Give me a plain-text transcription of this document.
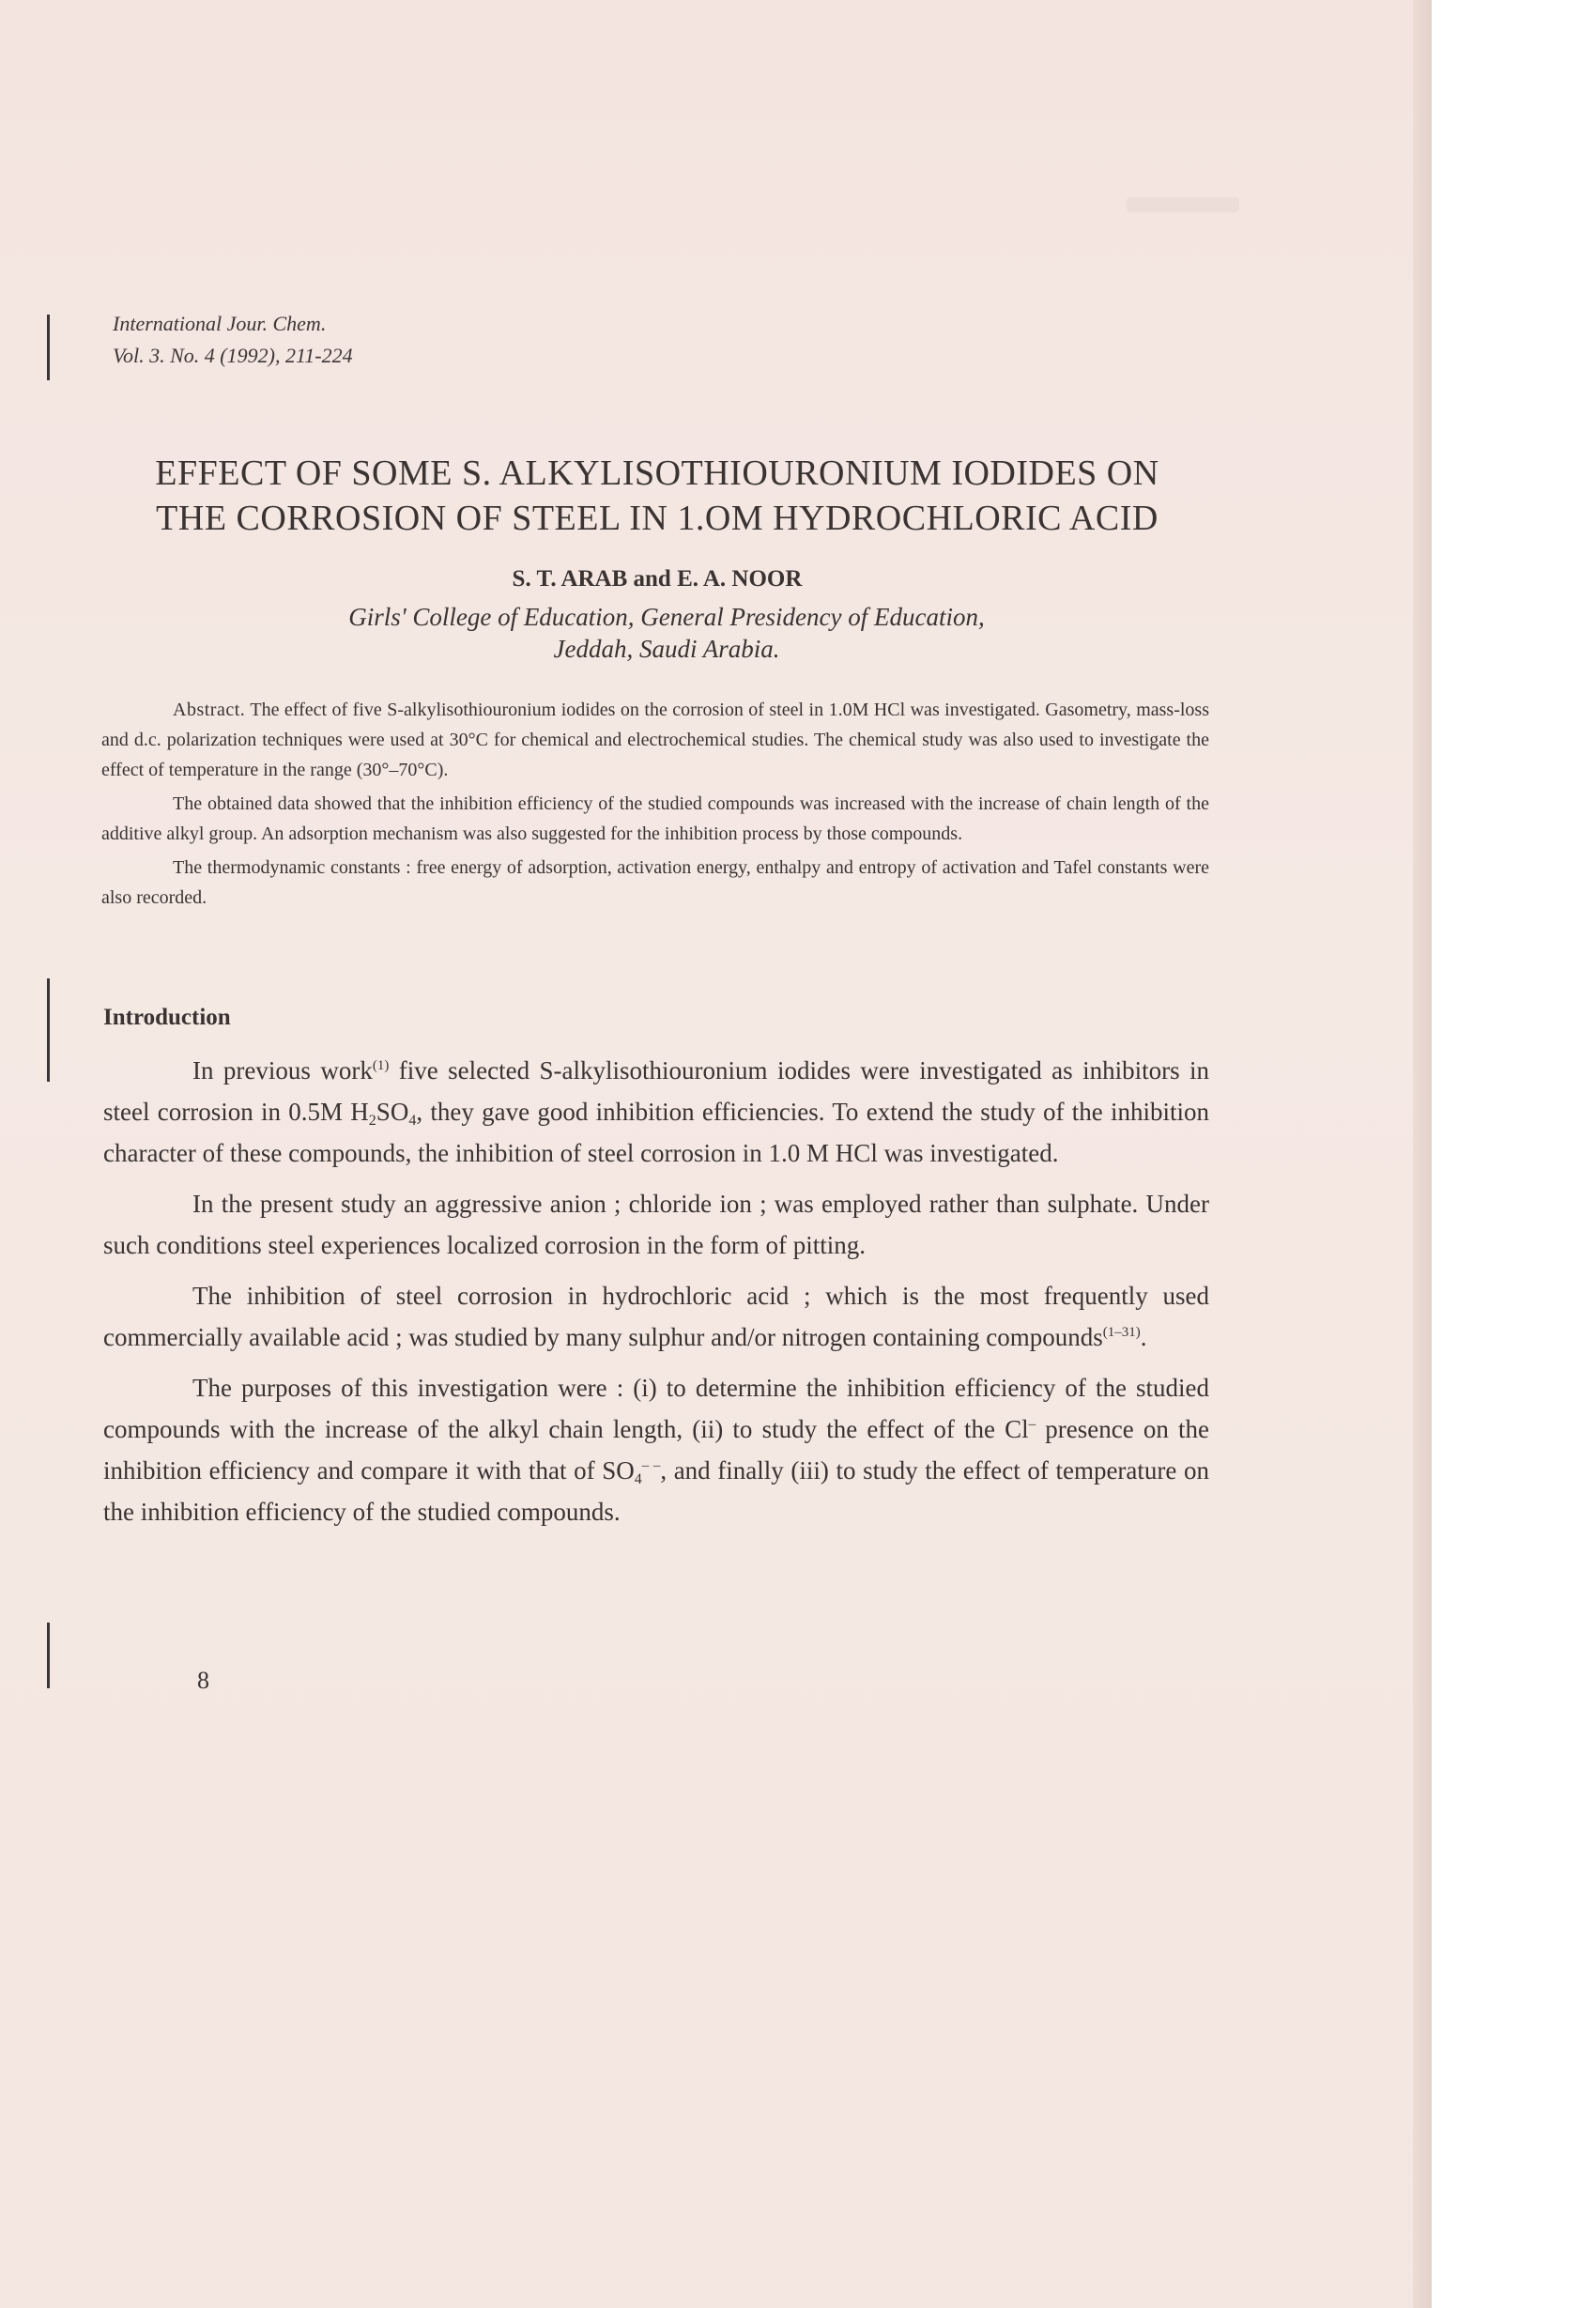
International Jour. Chem.
Vol. 3. No. 4 (1992), 211-224
EFFECT OF SOME S. ALKYLISOTHIOURONIUM IODIDES ON
THE CORROSION OF STEEL IN 1.OM HYDROCHLORIC ACID
S. T. ARAB and E. A. NOOR
Girls' College of Education, General Presidency of Education,
Jeddah, Saudi Arabia.

Abstract. The effect of five S-alkylisothiouronium iodides on the corrosion of steel in 1.0M HCl was investigated. Gasometry, mass-loss and d.c. polarization techniques were used at 30°C for chemical and electrochemical studies. The chemical study was also used to investigate the effect of temperature in the range (30°–70°C).

The obtained data showed that the inhibition efficiency of the studied compounds was increased with the increase of chain length of the additive alkyl group. An adsorption mechanism was also suggested for the inhibition process by those compounds.

The thermodynamic constants : free energy of adsorption, activation energy, enthalpy and entropy of activation and Tafel constants were also recorded.

Introduction

In previous work$^{(1)}$ five selected S-alkylisothiouronium iodides were investigated as inhibitors in steel corrosion in 0.5M $H_2SO_4$, they gave good inhibition efficiencies. To extend the study of the inhibition character of these compounds, the inhibition of steel corrosion in 1.0 M HCl was investigated.

In the present study an aggressive anion ; chloride ion ; was employed rather than sulphate. Under such conditions steel experiences localized corrosion in the form of pitting.

The inhibition of steel corrosion in hydrochloric acid ; which is the most frequently used commercially available acid ; was studied by many sulphur and/or nitrogen containing compounds$^{(1-31)}$.

The purposes of this investigation were : (i) to determine the inhibition efficiency of the studied compounds with the increase of the alkyl chain length, (ii) to study the effect of the Cl– presence on the inhibition efficiency and compare it with that of $SO_4^{- -}$, and finally (iii) to study the effect of temperature on the inhibition efficiency of the studied compounds.

8
